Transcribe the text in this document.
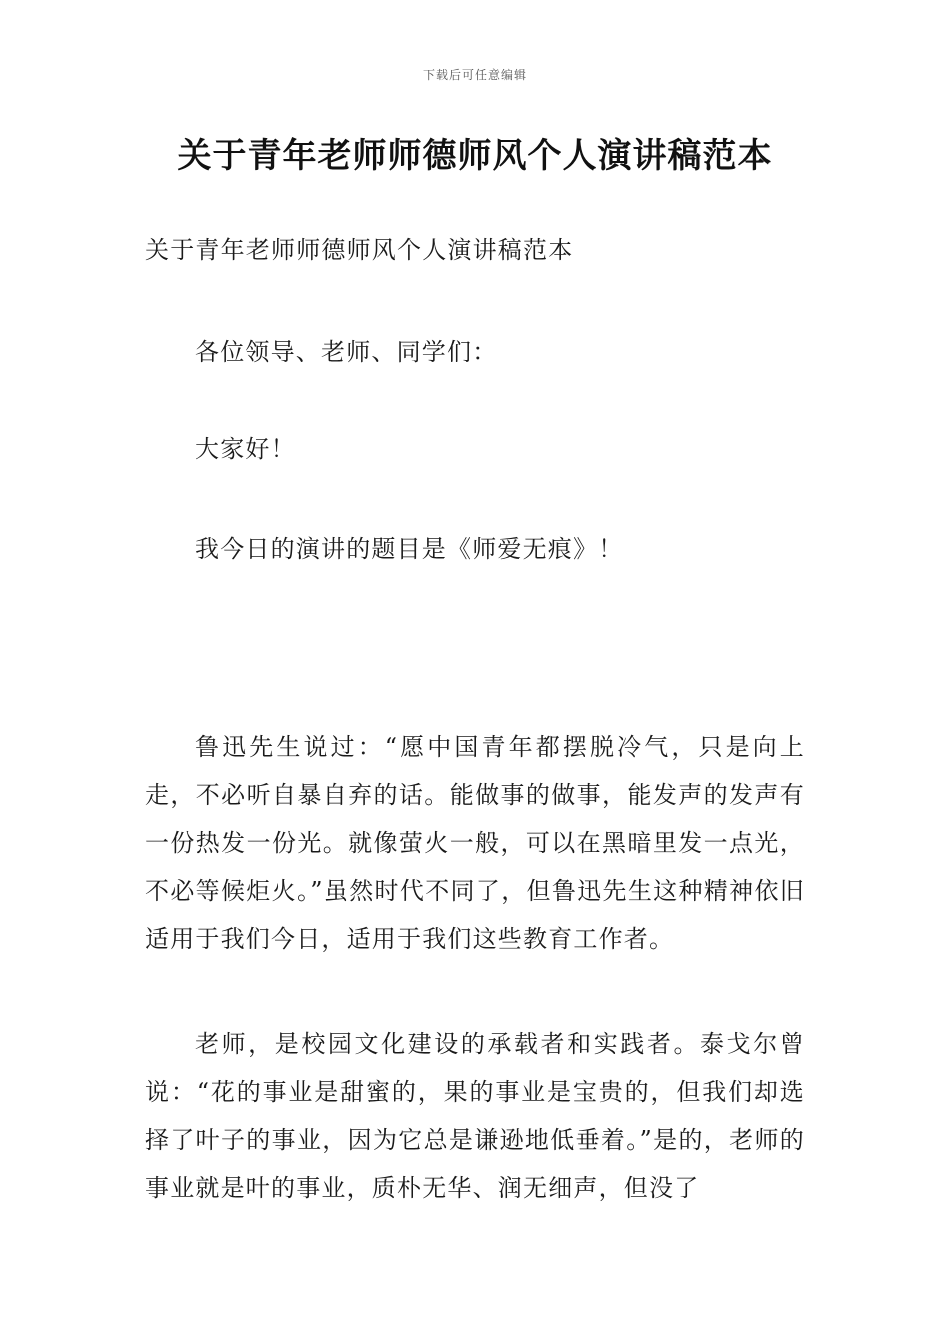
下载后可任意编辑
关于青年老师师德师风个人演讲稿范本

关于青年老师师德师风个人演讲稿范本

各位领导、老师、同学们：

大家好！

我今日的演讲的题目是《师爱无痕》！

鲁迅先生说过：“愿中国青年都摆脱冷气，只是向上走，不必听自暴自弃的话。能做事的做事，能发声的发声有一份热发一份光。就像萤火一般，可以在黑暗里发一点光，不必等候炬火。”虽然时代不同了，但鲁迅先生这种精神依旧适用于我们今日，适用于我们这些教育工作者。

老师，是校园文化建设的承载者和实践者。泰戈尔曾说：“花的事业是甜蜜的，果的事业是宝贵的，但我们却选择了叶子的事业，因为它总是谦逊地低垂着。”是的，老师的事业就是叶的事业，质朴无华、润无细声，但没了
